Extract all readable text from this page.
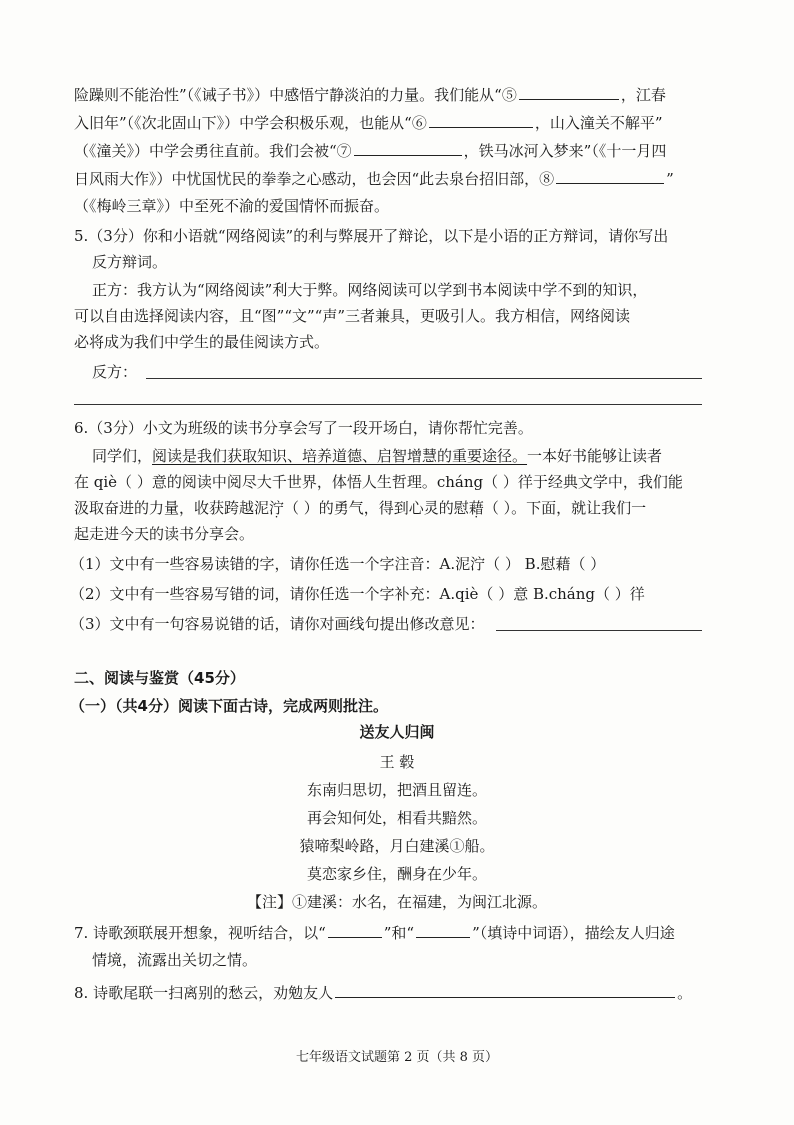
险躁则不能治性”（《诫子书》）中感悟宁静淡泊的力量。我们能从“⑤	，江春
入旧年”（《次北固山下》）中学会积极乐观，也能从“⑥	，山入潼关不解平”
（《潼关》）中学会勇往直前。我们会被“⑦	，铁马冰河入梦来”（《十一月四
日风雨大作》）中忧国忧民的拳拳之心感动，也会因“此去泉台招旧部，⑧	”
（《梅岭三章》）中至死不渝的爱国情怀而振奋。
5.（3分）你和小语就“网络阅读”的利与弊展开了辩论，以下是小语的正方辩词，请你写出
反方辩词。
正方：我方认为“网络阅读”利大于弊。网络阅读可以学到书本阅读中学不到的知识，
可以自由选择阅读内容，且“图”“文”“声”三者兼具，更吸引人。我方相信，网络阅读
必将成为我们中学生的最佳阅读方式。
反方：
6.（3分）小文为班级的读书分享会写了一段开场白，请你帮忙完善。
同学们，阅读是我们获取知识、培养道德、启智增慧的重要途径。一本好书能够让读者
在 qiè（ ）意的阅读中阅尽大千世界，体悟人生哲理。cháng（ ）徉于经典文学中，我们能
汲取奋进的力量，收获跨越泥泞（ ）的勇气，得到心灵的慰藉（ ）。下面，就让我们一
起走进今天的读书分享会。
（1）文中有一些容易读错的字，请你任选一个字注音：A.泥泞（ ） B.慰藉（ ）
（2）文中有一些容易写错的词，请你任选一个字补充：A.qiè（ ）意 B.cháng（ ）徉
（3）文中有一句容易说错的话，请你对画线句提出修改意见：
二、阅读与鉴赏（45分）
（一）（共4分）阅读下面古诗，完成两则批注。
送友人归闽
王 毂
东南归思切，把酒且留连。
再会知何处，相看共黯然。
猿啼梨岭路，月白建溪①船。
莫恋家乡住，酬身在少年。
【注】①建溪：水名，在福建，为闽江北源。
7. 诗歌颈联展开想象，视听结合，以“	”和“	”（填诗中词语），描绘友人归途
情境，流露出关切之情。
8. 诗歌尾联一扫离别的愁云，劝勉友人	。
七年级语文试题第 2 页（共 8 页）
